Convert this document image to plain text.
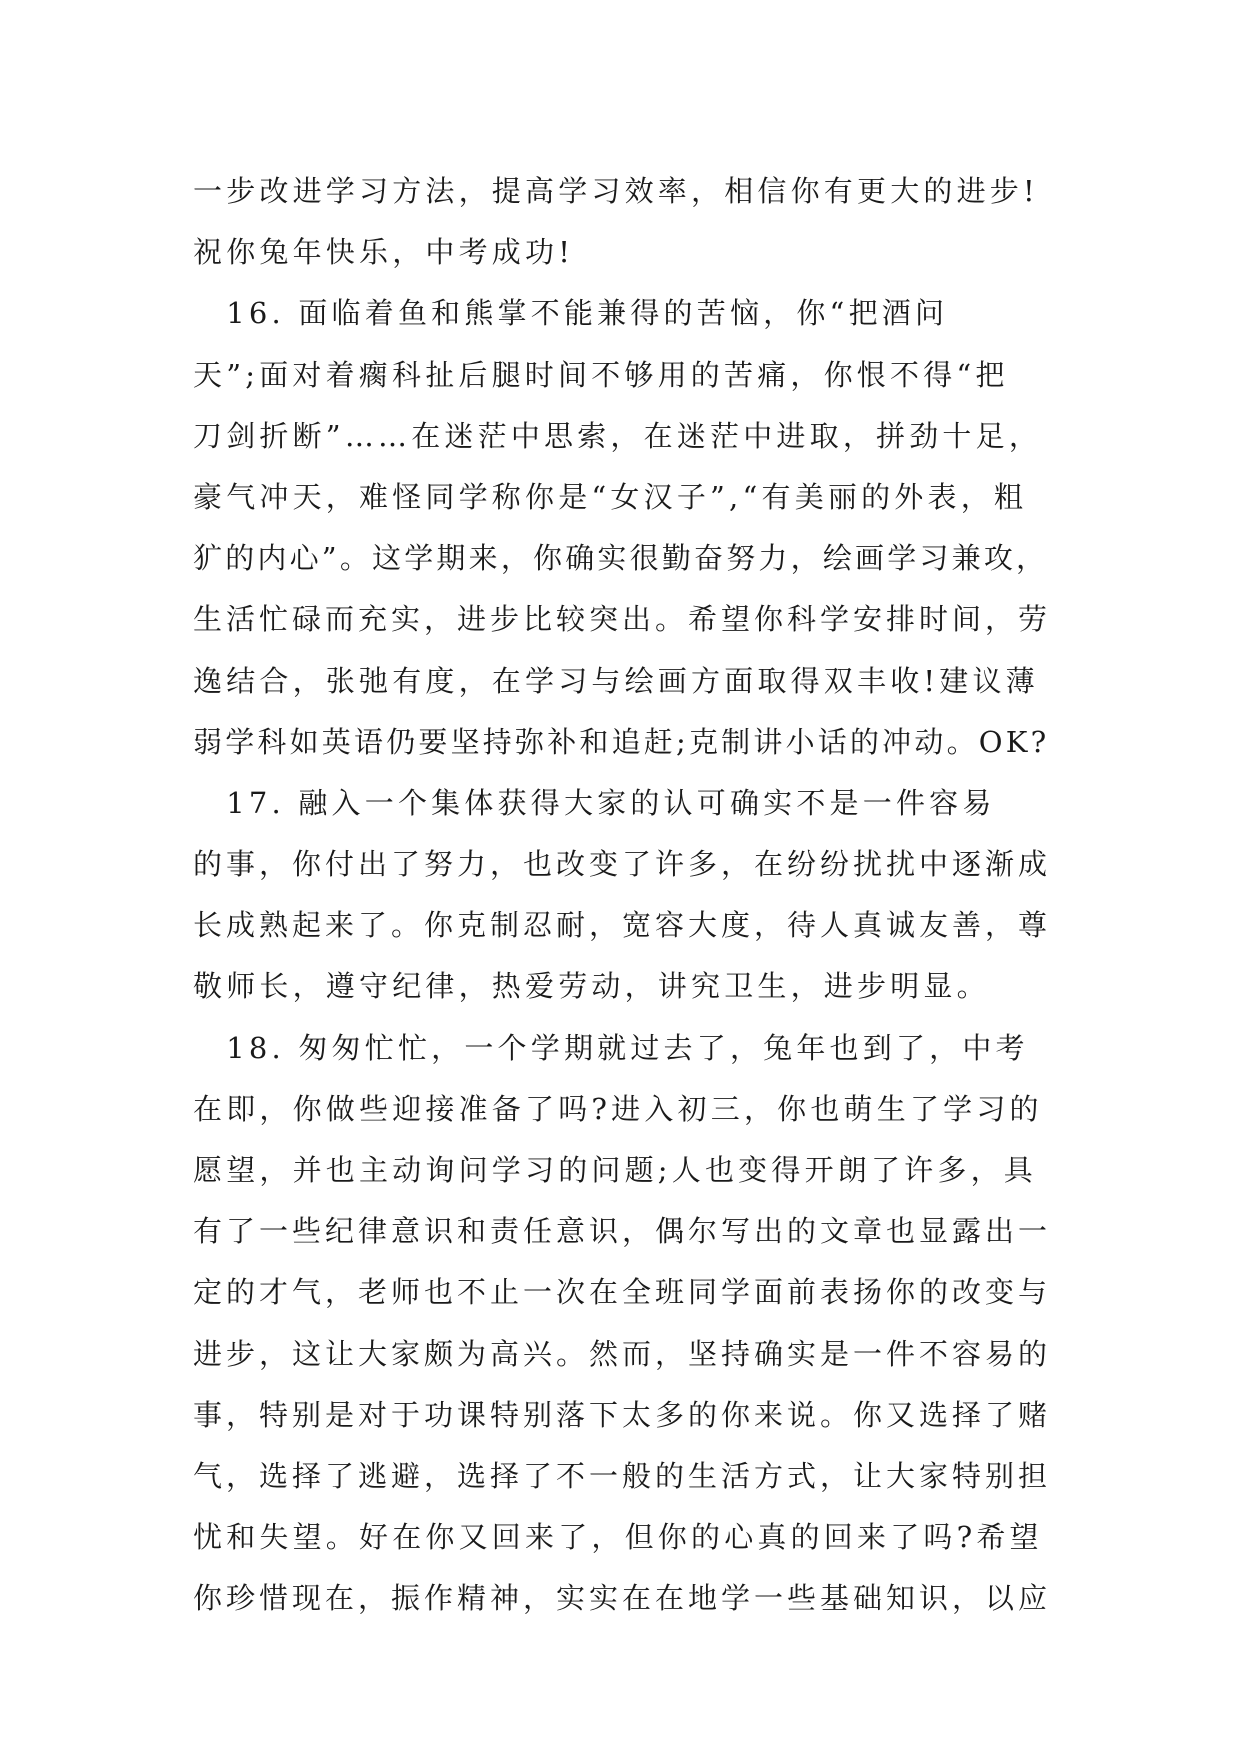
一步改进学习方法，提高学习效率，相信你有更大的进步!
祝你兔年快乐，中考成功!
　16. 面临着鱼和熊掌不能兼得的苦恼，你“把酒问
天”;面对着瘸科扯后腿时间不够用的苦痛，你恨不得“把
刀剑折断”……在迷茫中思索，在迷茫中进取，拼劲十足，
豪气冲天，难怪同学称你是“女汉子”,“有美丽的外表，粗
犷的内心”。这学期来，你确实很勤奋努力，绘画学习兼攻，
生活忙碌而充实，进步比较突出。希望你科学安排时间，劳
逸结合，张弛有度，在学习与绘画方面取得双丰收!建议薄
弱学科如英语仍要坚持弥补和追赶;克制讲小话的冲动。OK?
　17. 融入一个集体获得大家的认可确实不是一件容易
的事，你付出了努力，也改变了许多，在纷纷扰扰中逐渐成
长成熟起来了。你克制忍耐，宽容大度，待人真诚友善，尊
敬师长，遵守纪律，热爱劳动，讲究卫生，进步明显。
　18. 匆匆忙忙，一个学期就过去了，兔年也到了，中考
在即，你做些迎接准备了吗?进入初三，你也萌生了学习的
愿望，并也主动询问学习的问题;人也变得开朗了许多，具
有了一些纪律意识和责任意识，偶尔写出的文章也显露出一
定的才气，老师也不止一次在全班同学面前表扬你的改变与
进步，这让大家颇为高兴。然而，坚持确实是一件不容易的
事，特别是对于功课特别落下太多的你来说。你又选择了赌
气，选择了逃避，选择了不一般的生活方式，让大家特别担
忧和失望。好在你又回来了，但你的心真的回来了吗?希望
你珍惜现在，振作精神，实实在在地学一些基础知识，以应
